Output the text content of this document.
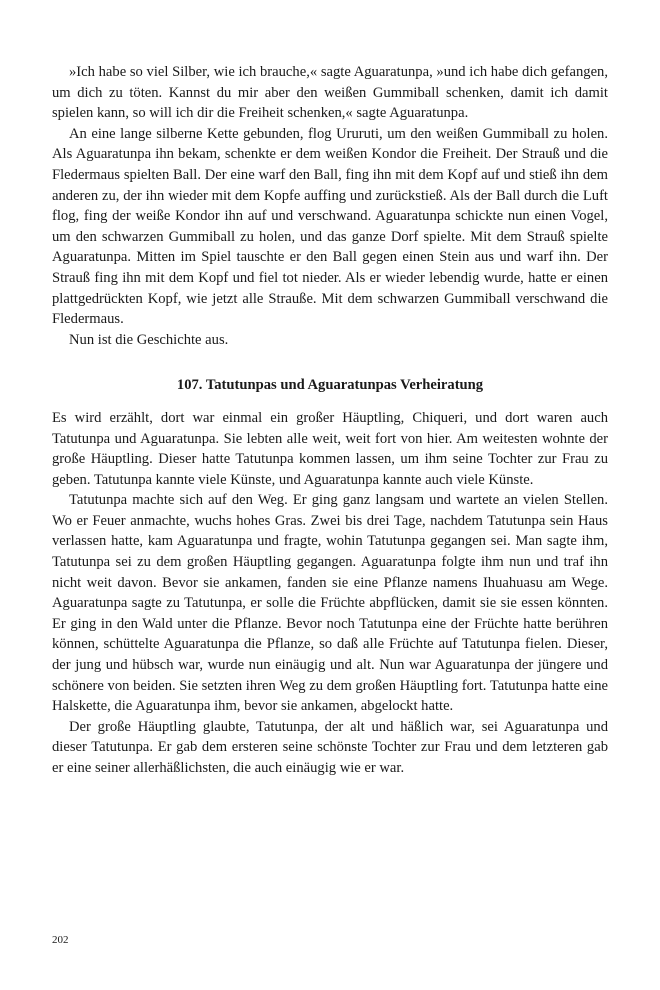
»Ich habe so viel Silber, wie ich brauche,« sagte Aguaratunpa, »und ich habe dich gefangen, um dich zu töten. Kannst du mir aber den weißen Gummiball schenken, damit ich damit spielen kann, so will ich dir die Freiheit schenken,« sagte Aguaratunpa.

An eine lange silberne Kette gebunden, flog Ururuti, um den weißen Gummiball zu holen. Als Aguaratunpa ihn bekam, schenkte er dem weißen Kondor die Freiheit. Der Strauß und die Fledermaus spielten Ball. Der eine warf den Ball, fing ihn mit dem Kopf auf und stieß ihn dem anderen zu, der ihn wieder mit dem Kopfe auffing und zurückstieß. Als der Ball durch die Luft flog, fing der weiße Kondor ihn auf und verschwand. Aguaratunpa schickte nun einen Vogel, um den schwarzen Gummiball zu holen, und das ganze Dorf spielte. Mit dem Strauß spielte Aguaratunpa. Mitten im Spiel tauschte er den Ball gegen einen Stein aus und warf ihn. Der Strauß fing ihn mit dem Kopf und fiel tot nieder. Als er wieder lebendig wurde, hatte er einen plattgedrückten Kopf, wie jetzt alle Strauße. Mit dem schwarzen Gummiball verschwand die Fledermaus.

Nun ist die Geschichte aus.

107. Tatutunpas und Aguaratunpas Verheiratung

Es wird erzählt, dort war einmal ein großer Häuptling, Chiqueri, und dort waren auch Tatutunpa und Aguaratunpa. Sie lebten alle weit, weit fort von hier. Am weitesten wohnte der große Häuptling. Dieser hatte Tatutunpa kommen lassen, um ihm seine Tochter zur Frau zu geben. Tatutunpa kannte viele Künste, und Aguaratunpa kannte auch viele Künste.

Tatutunpa machte sich auf den Weg. Er ging ganz langsam und wartete an vielen Stellen. Wo er Feuer anmachte, wuchs hohes Gras. Zwei bis drei Tage, nachdem Tatutunpa sein Haus verlassen hatte, kam Aguaratunpa und fragte, wohin Tatutunpa gegangen sei. Man sagte ihm, Tatutunpa sei zu dem großen Häuptling gegangen. Aguaratunpa folgte ihm nun und traf ihn nicht weit davon. Bevor sie ankamen, fanden sie eine Pflanze namens Ihuahuasu am Wege. Aguaratunpa sagte zu Tatutunpa, er solle die Früchte abpflücken, damit sie sie essen könnten. Er ging in den Wald unter die Pflanze. Bevor noch Tatutunpa eine der Früchte hatte berühren können, schüttelte Aguaratunpa die Pflanze, so daß alle Früchte auf Tatutunpa fielen. Dieser, der jung und hübsch war, wurde nun einäugig und alt. Nun war Aguaratunpa der jüngere und schönere von beiden. Sie setzten ihren Weg zu dem großen Häuptling fort. Tatutunpa hatte eine Halskette, die Aguaratunpa ihm, bevor sie ankamen, abgelockt hatte.

Der große Häuptling glaubte, Tatutunpa, der alt und häßlich war, sei Aguaratunpa und dieser Tatutunpa. Er gab dem ersteren seine schönste Tochter zur Frau und dem letzteren gab er eine seiner allerhäßlichsten, die auch einäugig wie er war.

202
